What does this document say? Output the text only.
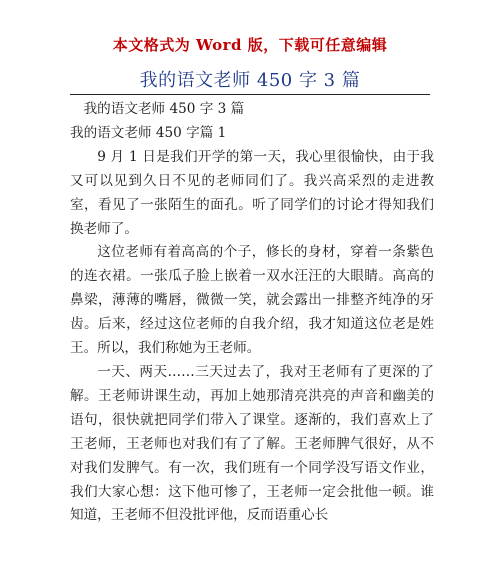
本文格式为 Word 版，下载可任意编辑
我的语文老师 450 字 3 篇

我的语文老师 450 字 3 篇

我的语文老师 450 字篇 1

9 月 1 日是我们开学的第一天，我心里很愉快，由于我又可以见到久日不见的老师同们了。我兴高采烈的走进教室，看见了一张陌生的面孔。听了同学们的讨论才得知我们换老师了。

这位老师有着高高的个子，修长的身材，穿着一条紫色的连衣裙。一张瓜子脸上嵌着一双水汪汪的大眼睛。高高的鼻梁，薄薄的嘴唇，微微一笑，就会露出一排整齐纯净的牙齿。后来，经过这位老师的自我介绍，我才知道这位老是姓王。所以，我们称她为王老师。

一天、两天……三天过去了，我对王老师有了更深的了解。王老师讲课生动，再加上她那清亮洪亮的声音和幽美的语句，很快就把同学们带入了课堂。逐渐的，我们喜欢上了王老师，王老师也对我们有了了解。王老师脾气很好，从不对我们发脾气。有一次，我们班有一个同学没写语文作业，我们大家心想：这下他可惨了，王老师一定会批他一顿。谁知道，王老师不但没批评他，反而语重心长
